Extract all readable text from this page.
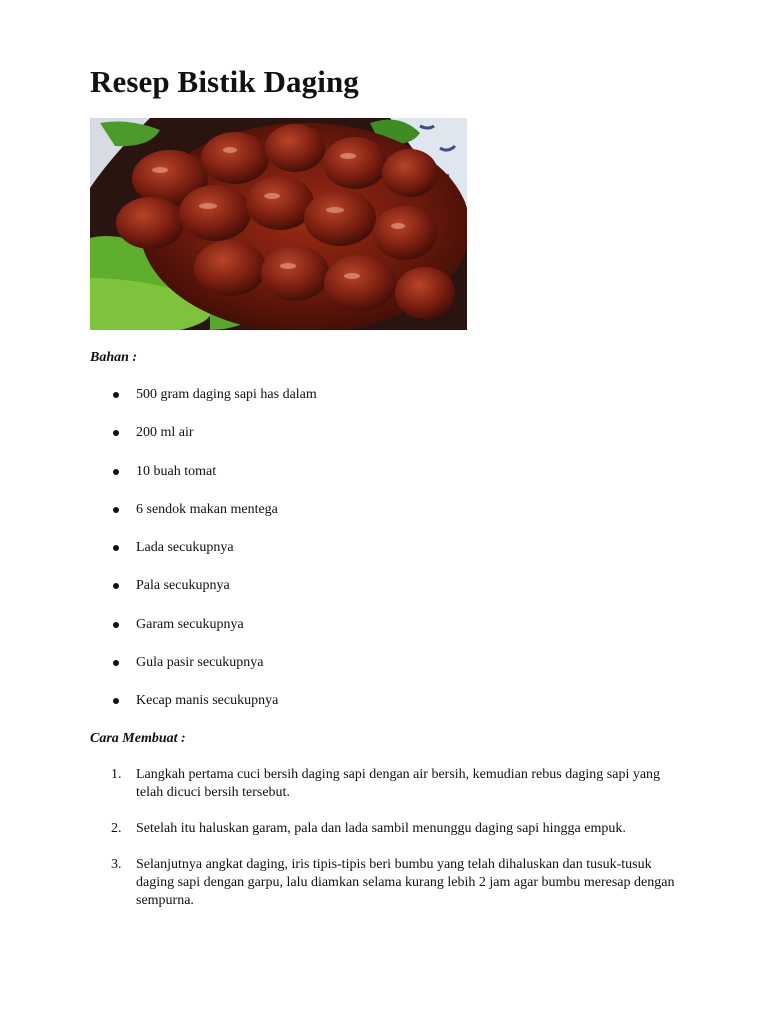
Resep Bistik Daging

Bahan :

500 gram daging sapi has dalam
200 ml air
10 buah tomat
6 sendok makan mentega
Lada secukupnya
Pala secukupnya
Garam secukupnya
Gula pasir secukupnya
Kecap manis secukupnya

Cara Membuat :

1. Langkah pertama cuci bersih daging sapi dengan air bersih, kemudian rebus daging sapi yang telah dicuci bersih tersebut.
2. Setelah itu haluskan garam, pala dan lada sambil menunggu daging sapi hingga empuk.
3. Selanjutnya angkat daging, iris tipis-tipis beri bumbu yang telah dihaluskan dan tusuk-tusuk daging sapi dengan garpu, lalu diamkan selama kurang lebih 2 jam agar bumbu meresap dengan sempurna.
